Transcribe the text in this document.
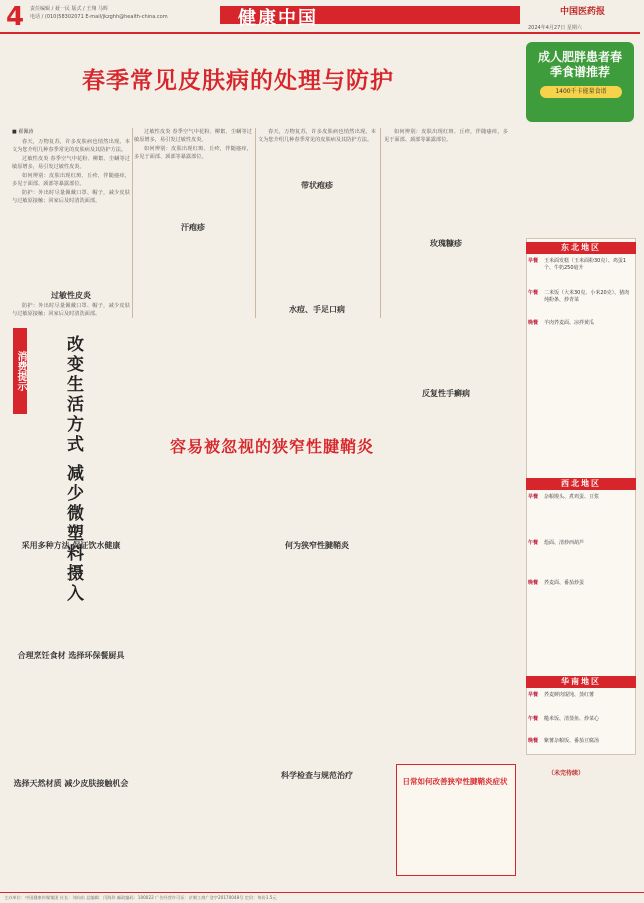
4 责任编辑 / 聂一民 版式 / 王翔 马辉
电话 / (010)58302071 E-mail/jkzghh@health-china.com	健康中国	中国医药报
2024年4月27日 星期六
春季常见皮肤病的处理与防护
■ 翟佩涛

春天，万物复苏，许多皮肤病也悄然出现。本文为您介绍几种春季常见的皮肤病及其防护方法。

过敏性皮炎 春季空气中花粉、柳絮、尘螨等过敏原增多，易引发过敏性皮炎。

如何辨别：皮肤出现红斑、丘疹，伴随瘙痒，多见于面部、颈部等暴露部位。

防护：外出时尽量佩戴口罩、帽子，减少皮肤与过敏原接触；回家后及时清洗面部。

过敏性皮炎

防护：外出时尽量佩戴口罩、帽子，减少皮肤与过敏原接触；回家后及时清洗面部。

过敏性皮炎 春季空气中花粉、柳絮、尘螨等过敏原增多，易引发过敏性皮炎。

如何辨别：皮肤出现红斑、丘疹，伴随瘙痒，多见于面部、颈部等暴露部位。

汗疱疹
带状疱疹

春天，万物复苏，许多皮肤病也悄然出现。本文为您介绍几种春季常见的皮肤病及其防护方法。

水痘、手足口病

如何辨别：皮肤出现红斑、丘疹，伴随瘙痒，多见于面部、颈部等暴露部位。

玫瑰糠疹
消费提示	改变生活方式 减少微塑料摄入
采用多种方法 保证饮水健康
合理烹饪食材 选择环保餐厨具
选择天然材质 减少皮肤接触机会
容易被忽视的狭窄性腱鞘炎
何为狭窄性腱鞘炎
科学检查与规范治疗
反复性手癣病
日常如何改善狭窄性腱鞘炎症状
成人肥胖患者春季食谱推荐
1400千卡能量食谱
东北地区
早餐 玉米面发糕（玉米面粉30克）、鸡蛋1个、牛奶250毫升
午餐 二米饭（大米30克、小米20克）、猪肉炖粉条、炒青菜
晚餐 羊肉荞麦面、凉拌黄瓜
西北地区
早餐 杂粮馒头、煮鸡蛋、豆浆
午餐 烩面、清炒西葫芦
晚餐 荞麦面、番茄炒蛋
华南地区
早餐 荞麦鲜肉馄饨、蒸红薯
午餐 糙米饭、清蒸鱼、炒菜心
晚餐 紫薯杂粮饭、番茄豆腐汤
（未完待续）
主办单位：中国健康传媒集团 社长：刘向东 总编辑：闫海珍 邮政编码：100022 广告经营许可证：京朝工商广登字20170048号 定价：每份1.5元
